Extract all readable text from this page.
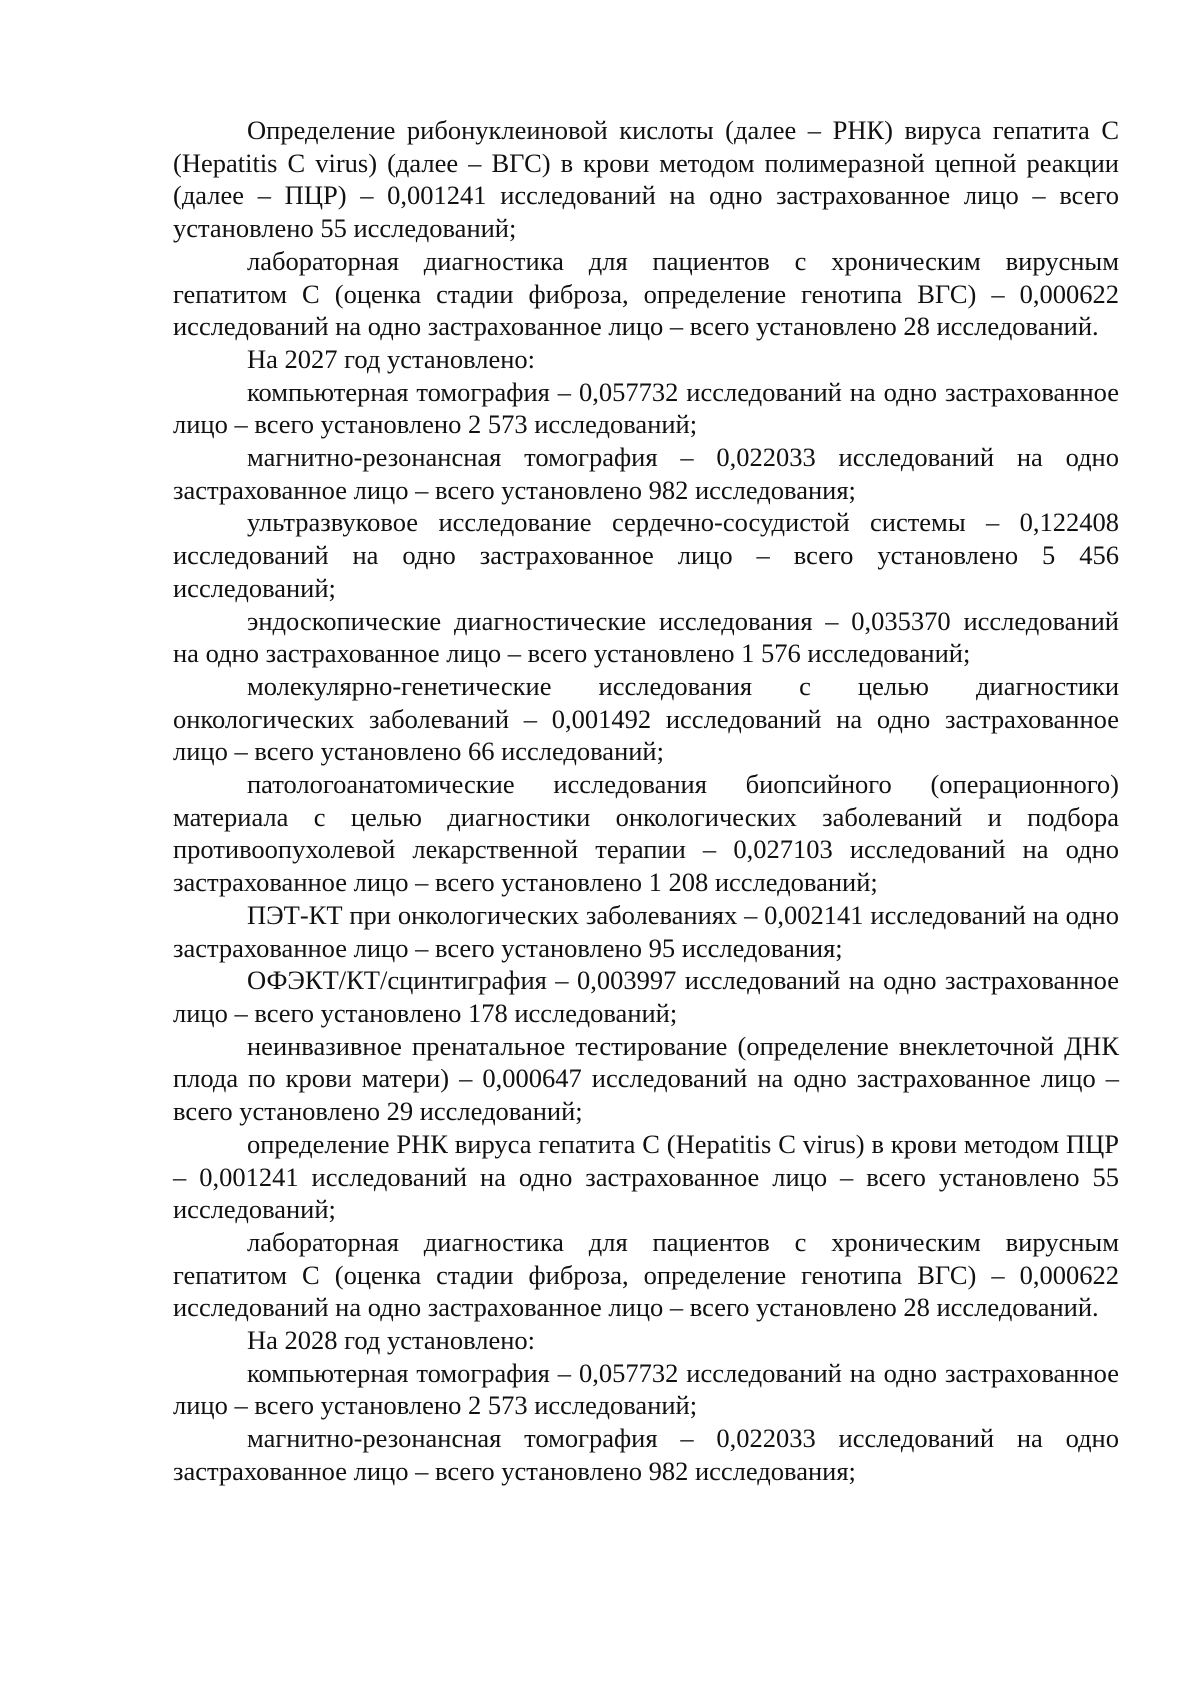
Определение рибонуклеиновой кислоты (далее – РНК) вируса гепатита С (Hepatitis С virus) (далее – ВГС) в крови методом полимеразной цепной реакции (далее – ПЦР) – 0,001241 исследований на одно застрахованное лицо – всего установлено 55 исследований;

лабораторная диагностика для пациентов с хроническим вирусным гепатитом С (оценка стадии фиброза, определение генотипа ВГС) – 0,000622 исследований на одно застрахованное лицо – всего установлено 28 исследований.

На 2027 год установлено:

компьютерная томография – 0,057732 исследований на одно застрахованное лицо – всего установлено 2 573 исследований;

магнитно-резонансная томография – 0,022033 исследований на одно застрахованное лицо – всего установлено 982 исследования;

ультразвуковое исследование сердечно-сосудистой системы – 0,122408 исследований на одно застрахованное лицо – всего установлено 5 456 исследований;

эндоскопические диагностические исследования – 0,035370 исследований на одно застрахованное лицо – всего установлено 1 576 исследований;

молекулярно-генетические исследования с целью диагностики онкологических заболеваний – 0,001492 исследований на одно застрахованное лицо – всего установлено 66 исследований;

патологоанатомические исследования биопсийного (операционного) материала с целью диагностики онкологических заболеваний и подбора противоопухолевой лекарственной терапии – 0,027103 исследований на одно застрахованное лицо – всего установлено 1 208 исследований;

ПЭТ-КТ при онкологических заболеваниях – 0,002141 исследований на одно застрахованное лицо – всего установлено 95 исследования;

ОФЭКТ/КТ/сцинтиграфия – 0,003997 исследований на одно застрахованное лицо – всего установлено 178 исследований;

неинвазивное пренатальное тестирование (определение внеклеточной ДНК плода по крови матери) – 0,000647 исследований на одно застрахованное лицо – всего установлено 29 исследований;

определение РНК вируса гепатита С (Hepatitis С virus) в крови методом ПЦР – 0,001241 исследований на одно застрахованное лицо – всего установлено 55 исследований;

лабораторная диагностика для пациентов с хроническим вирусным гепатитом С (оценка стадии фиброза, определение генотипа ВГС) – 0,000622 исследований на одно застрахованное лицо – всего установлено 28 исследований.

На 2028 год установлено:

компьютерная томография – 0,057732 исследований на одно застрахованное лицо – всего установлено 2 573 исследований;

магнитно-резонансная томография – 0,022033 исследований на одно застрахованное лицо – всего установлено 982 исследования;
